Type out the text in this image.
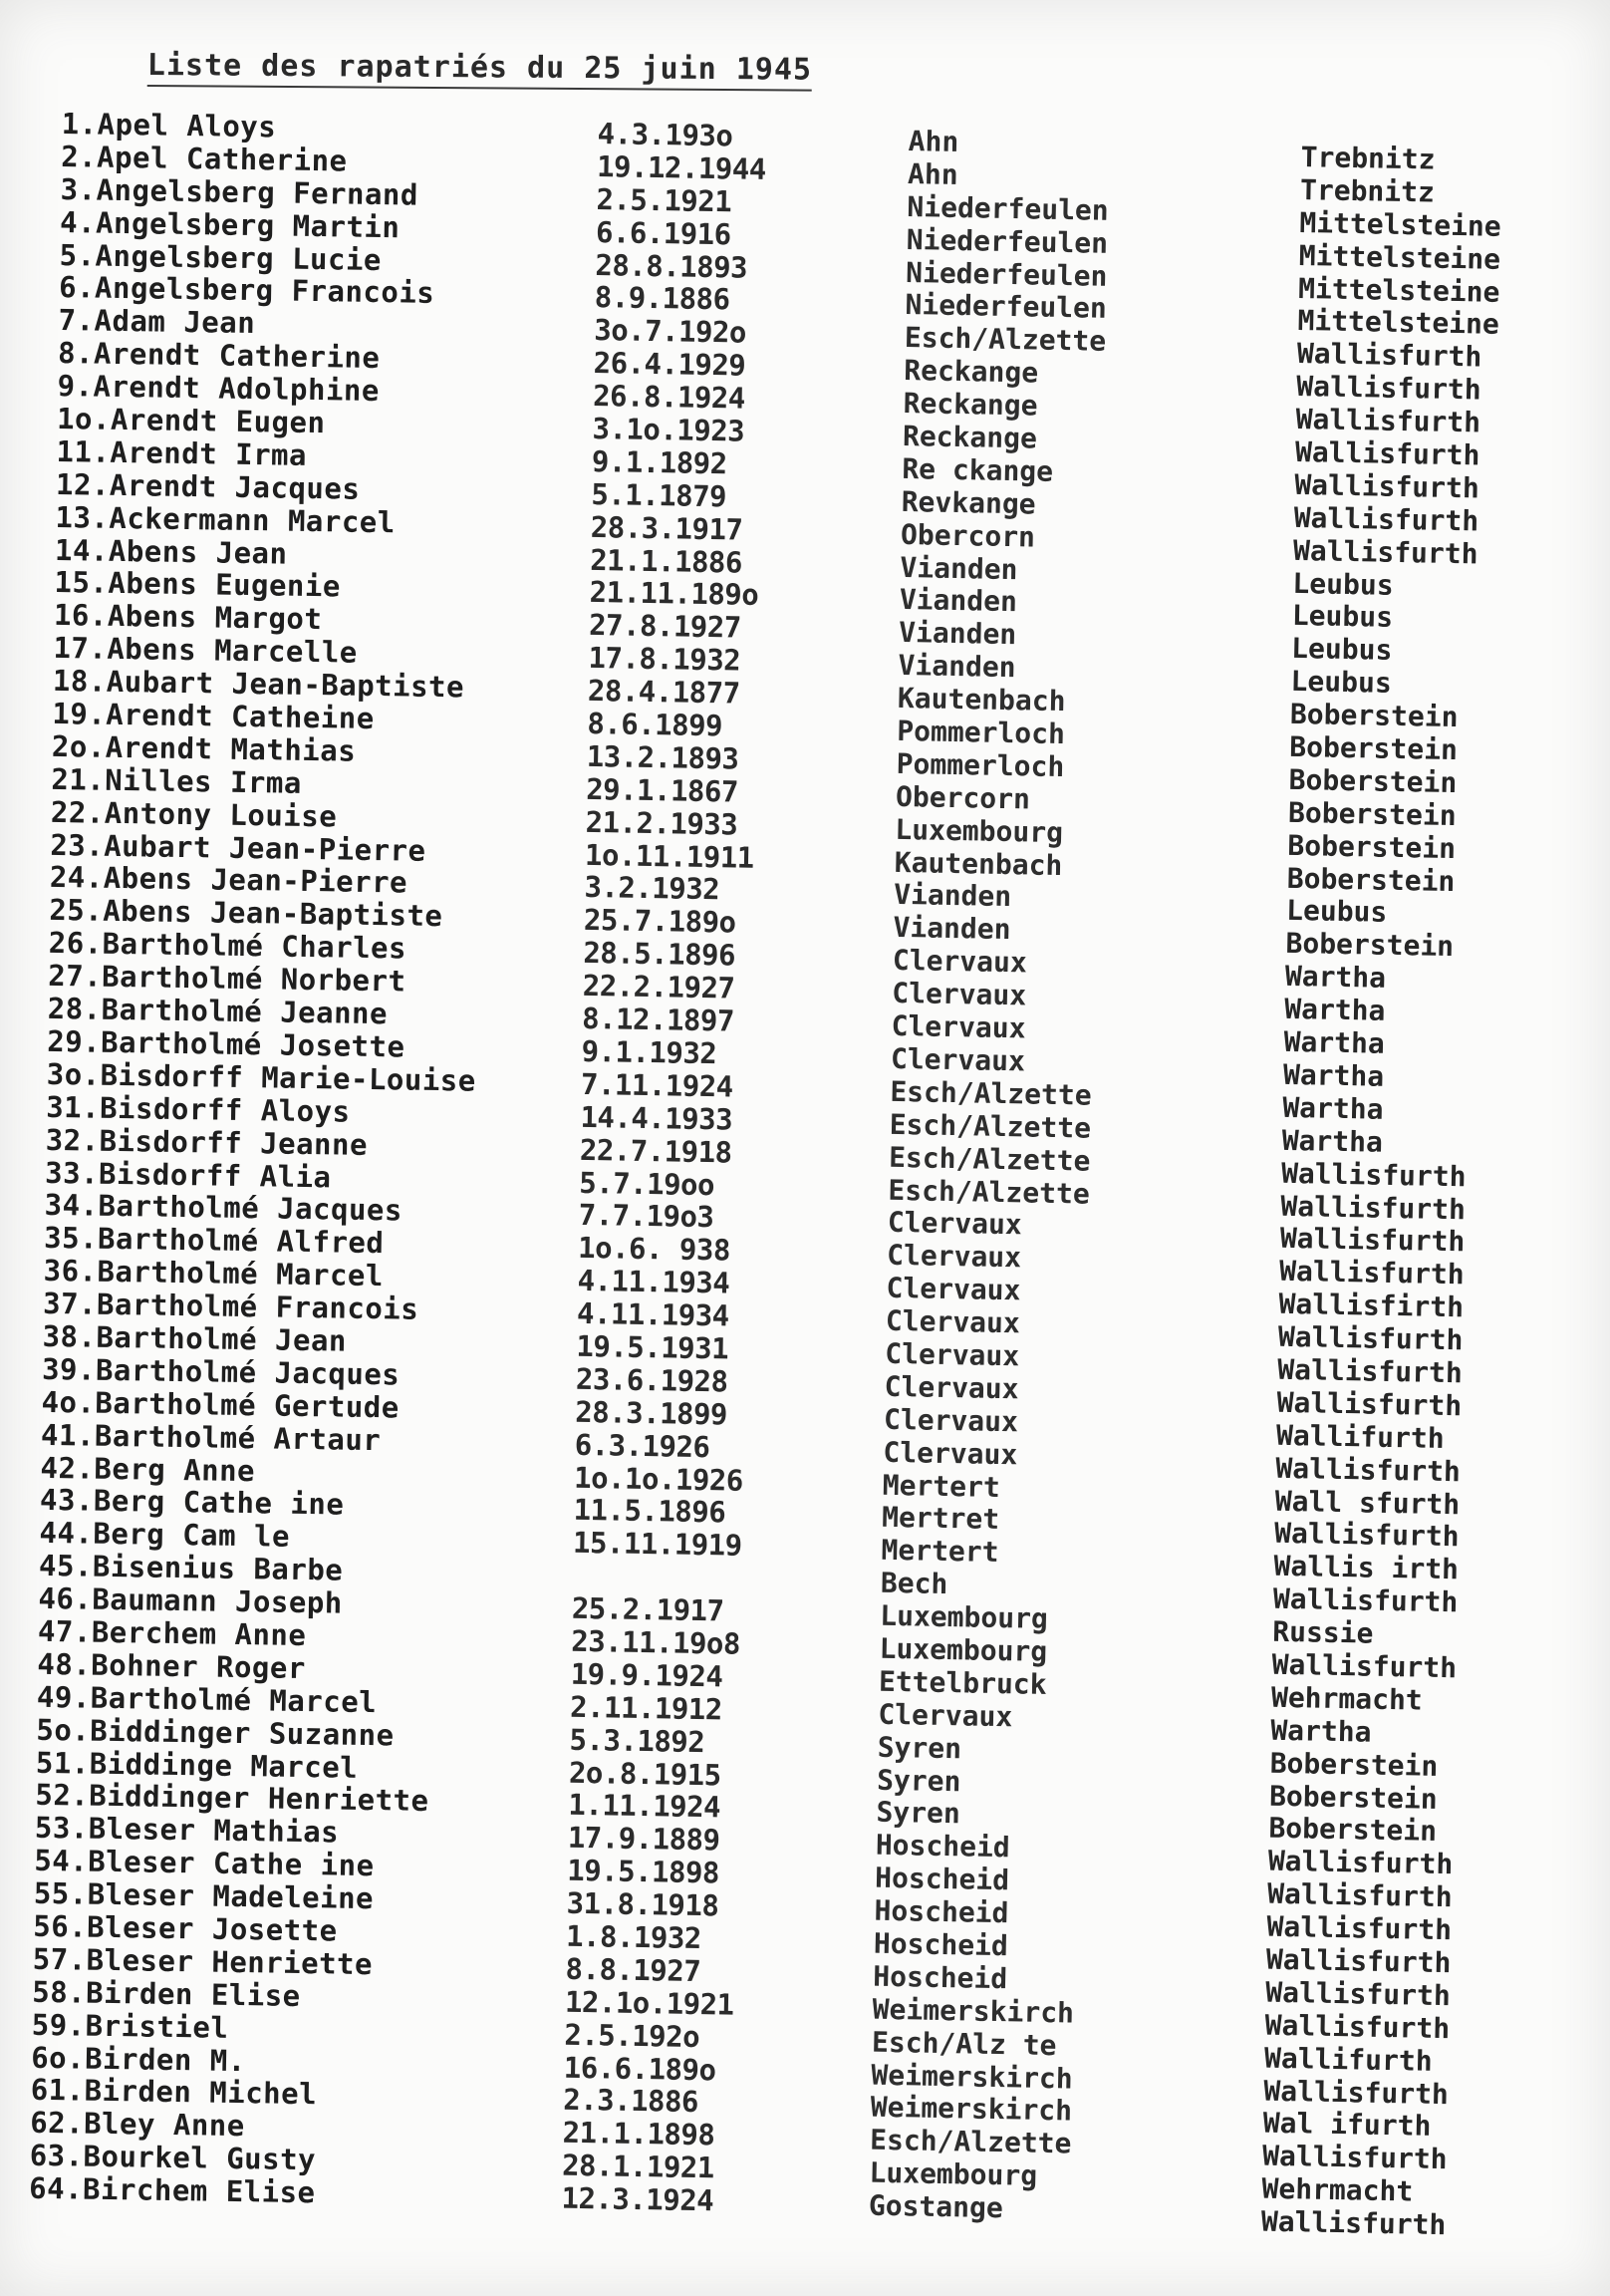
Liste des rapatriés du 25 juin 1945
1.Apel Aloys
2.Apel Catherine
3.Angelsberg Fernand
4.Angelsberg Martin
5.Angelsberg Lucie
6.Angelsberg Francois
7.Adam Jean
8.Arendt Catherine
9.Arendt Adolphine
1o.Arendt Eugen
11.Arendt Irma
12.Arendt Jacques
13.Ackermann Marcel
14.Abens Jean
15.Abens Eugenie
16.Abens Margot
17.Abens Marcelle
18.Aubart Jean-Baptiste
19.Arendt Catheine
2o.Arendt Mathias
21.Nilles Irma
22.Antony Louise
23.Aubart Jean-Pierre
24.Abens Jean-Pierre
25.Abens Jean-Baptiste
26.Bartholmé Charles
27.Bartholmé Norbert
28.Bartholmé Jeanne
29.Bartholmé Josette
3o.Bisdorff Marie-Louise
31.Bisdorff Aloys
32.Bisdorff Jeanne
33.Bisdorff Alia
34.Bartholmé Jacques
35.Bartholmé Alfred
36.Bartholmé Marcel
37.Bartholmé Francois
38.Bartholmé Jean
39.Bartholmé Jacques
4o.Bartholmé Gertude
41.Bartholmé Artaur
42.Berg Anne
43.Berg Cathe ine
44.Berg Cam le
45.Bisenius Barbe
46.Baumann Joseph
47.Berchem Anne
48.Bohner Roger
49.Bartholmé Marcel
5o.Biddinger Suzanne
51.Biddinge Marcel
52.Biddinger Henriette
53.Bleser Mathias
54.Bleser Cathe ine
55.Bleser Madeleine
56.Bleser Josette
57.Bleser Henriette
58.Birden Elise
59.Bristiel
6o.Birden M.
61.Birden Michel
62.Bley Anne
63.Bourkel Gusty
64.Birchem Elise
4.3.193o
19.12.1944
2.5.1921
6.6.1916
28.8.1893
8.9.1886
3o.7.192o
26.4.1929
26.8.1924
3.1o.1923
9.1.1892
5.1.1879
28.3.1917
21.1.1886
21.11.189o
27.8.1927
17.8.1932
28.4.1877
8.6.1899
13.2.1893
29.1.1867
21.2.1933
1o.11.1911
3.2.1932
25.7.189o
28.5.1896
22.2.1927
8.12.1897
9.1.1932
7.11.1924
14.4.1933
22.7.1918
5.7.19oo
7.7.19o3
1o.6. 938
4.11.1934
4.11.1934
19.5.1931
23.6.1928
28.3.1899
6.3.1926
1o.1o.1926
11.5.1896
15.11.1919
25.2.1917
23.11.19o8
19.9.1924
2.11.1912
5.3.1892
2o.8.1915
1.11.1924
17.9.1889
19.5.1898
31.8.1918
1.8.1932
8.8.1927
12.1o.1921
2.5.192o
16.6.189o
2.3.1886
21.1.1898
28.1.1921
12.3.1924
Ahn
Ahn
Niederfeulen
Niederfeulen
Niederfeulen
Niederfeulen
Esch/Alzette
Reckange
Reckange
Reckange
Re ckange
Revkange
Obercorn
Vianden
Vianden
Vianden
Vianden
Kautenbach
Pommerloch
Pommerloch
Obercorn
Luxembourg
Kautenbach
Vianden
Vianden
Clervaux
Clervaux
Clervaux
Clervaux
Esch/Alzette
Esch/Alzette
Esch/Alzette
Esch/Alzette
Clervaux
Clervaux
Clervaux
Clervaux
Clervaux
Clervaux
Clervaux
Clervaux
Mertert
Mertret
Mertert
Bech
Luxembourg
Luxembourg
Ettelbruck
Clervaux
Syren
Syren
Syren
Hoscheid
Hoscheid
Hoscheid
Hoscheid
Hoscheid
Weimerskirch
Esch/Alz te
Weimerskirch
Weimerskirch
Esch/Alzette
Luxembourg
Gostange
Trebnitz
Trebnitz
Mittelsteine
Mittelsteine
Mittelsteine
Mittelsteine
Wallisfurth
Wallisfurth
Wallisfurth
Wallisfurth
Wallisfurth
Wallisfurth
Wallisfurth
Leubus
Leubus
Leubus
Leubus
Boberstein
Boberstein
Boberstein
Boberstein
Boberstein
Boberstein
Leubus
Boberstein
Wartha
Wartha
Wartha
Wartha
Wartha
Wartha
Wallisfurth
Wallisfurth
Wallisfurth
Wallisfurth
Wallisfirth
Wallisfurth
Wallisfurth
Wallisfurth
Wallifurth
Wallisfurth
Wall sfurth
Wallisfurth
Wallis irth
Wallisfurth
Russie
Wallisfurth
Wehrmacht
Wartha
Boberstein
Boberstein
Boberstein
Wallisfurth
Wallisfurth
Wallisfurth
Wallisfurth
Wallisfurth
Wallisfurth
Wallifurth
Wallisfurth
Wal ifurth
Wallisfurth
Wehrmacht
Wallisfurth
